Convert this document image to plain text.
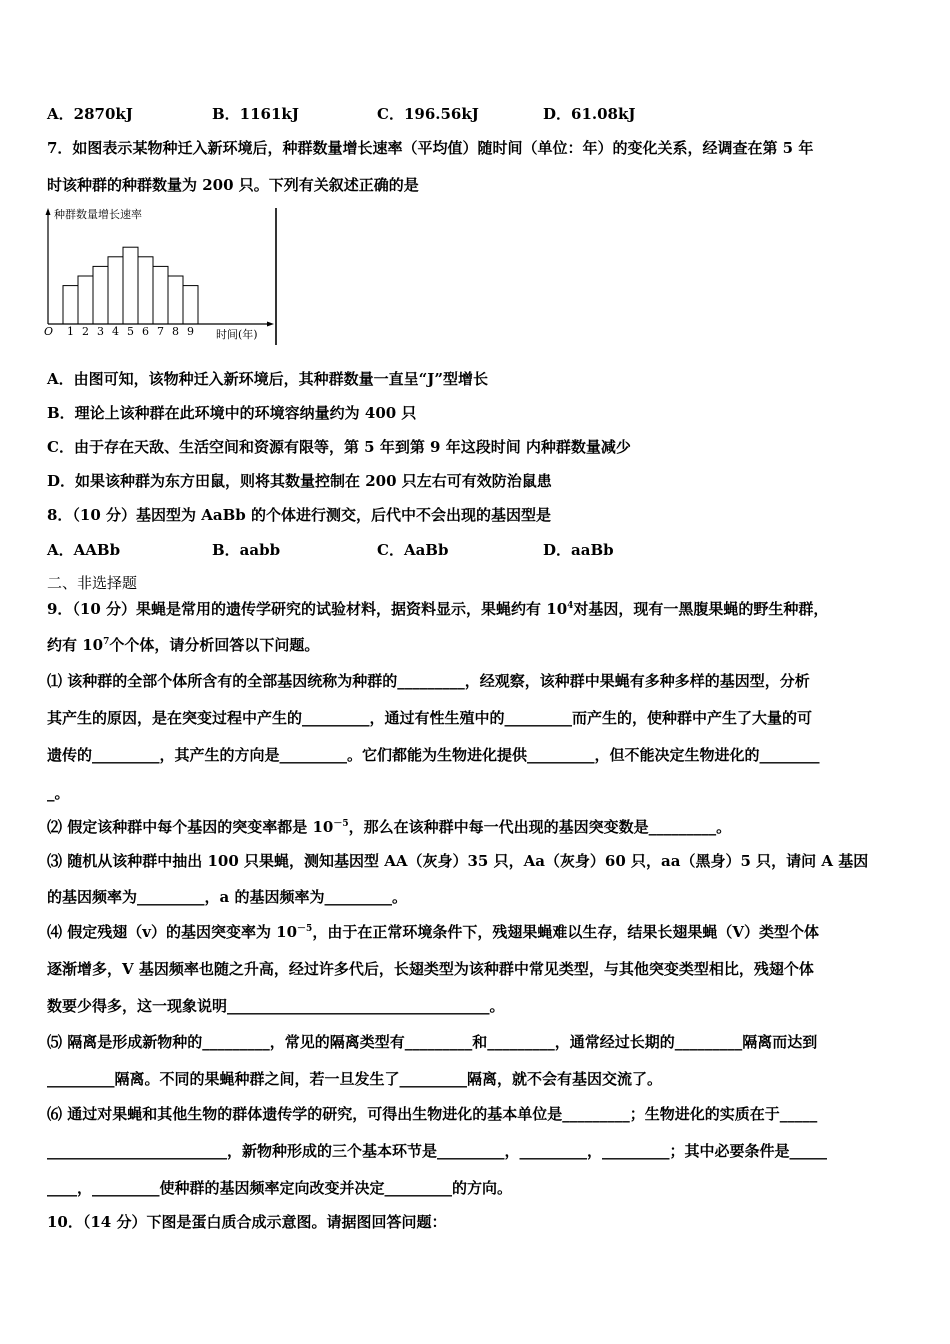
A．2870kJ	B．1161kJ	C．196.56kJ	D．61.08kJ
7．如图表示某物种迁入新环境后，种群数量增长速率（平均值）随时间（单位：年）的变化关系，经调查在第 5 年
时该种群的种群数量为 200 只。下列有关叙述正确的是
种群数量增长速率
O	时间(年)
1 2 3 4 5 6 7 8 9
A．由图可知，该物种迁入新环境后，其种群数量一直呈“J”型增长
B．理论上该种群在此环境中的环境容纳量约为 400 只
C．由于存在天敌、生活空间和资源有限等，第 5 年到第 9 年这段时间 内种群数量减少
D．如果该种群为东方田鼠，则将其数量控制在 200 只左右可有效防治鼠患
8．（10 分）基因型为 AaBb 的个体进行测交，后代中不会出现的基因型是
A．AABb	B．aabb	C．AaBb	D．aaBb
二、非选择题
9．（10 分）果蝇是常用的遗传学研究的试验材料，据资料显示，果蝇约有 $10^4$对基因，现有一黑腹果蝇的野生种群，
约有 $10^7$个个体，请分析回答以下问题。
⑴ 该种群的全部个体所含有的全部基因统称为种群的_________，经观察，该种群中果蝇有多种多样的基因型，分析
其产生的原因，是在突变过程中产生的_________，通过有性生殖中的_________而产生的，使种群中产生了大量的可
遗传的_________，其产生的方向是_________。它们都能为生物进化提供_________，但不能决定生物进化的________
_。
⑵ 假定该种群中每个基因的突变率都是 $10^{-5}$，那么在该种群中每一代出现的基因突变数是_________。
⑶ 随机从该种群中抽出 100 只果蝇，测知基因型 AA（灰身）35 只，Aa（灰身）60 只，aa（黑身）5 只，请问 A 基因
的基因频率为_________，a 的基因频率为_________。
⑷ 假定残翅（v）的基因突变率为 $10^{-5}$，由于在正常环境条件下，残翅果蝇难以生存，结果长翅果蝇（V）类型个体
逐渐增多，V 基因频率也随之升高，经过许多代后，长翅类型为该种群中常见类型，与其他突变类型相比，残翅个体
数要少得多，这一现象说明___________________________________。
⑸ 隔离是形成新物种的_________，常见的隔离类型有_________和_________，通常经过长期的_________隔离而达到
_________隔离。不同的果蝇种群之间，若一旦发生了_________隔离，就不会有基因交流了。
⑹ 通过对果蝇和其他生物的群体遗传学的研究，可得出生物进化的基本单位是_________；生物进化的实质在于_____
________________________，新物种形成的三个基本环节是_________，_________，_________；其中必要条件是_____
____，_________使种群的基因频率定向改变并决定_________的方向。
10．（14 分）下图是蛋白质合成示意图。请据图回答问题：
